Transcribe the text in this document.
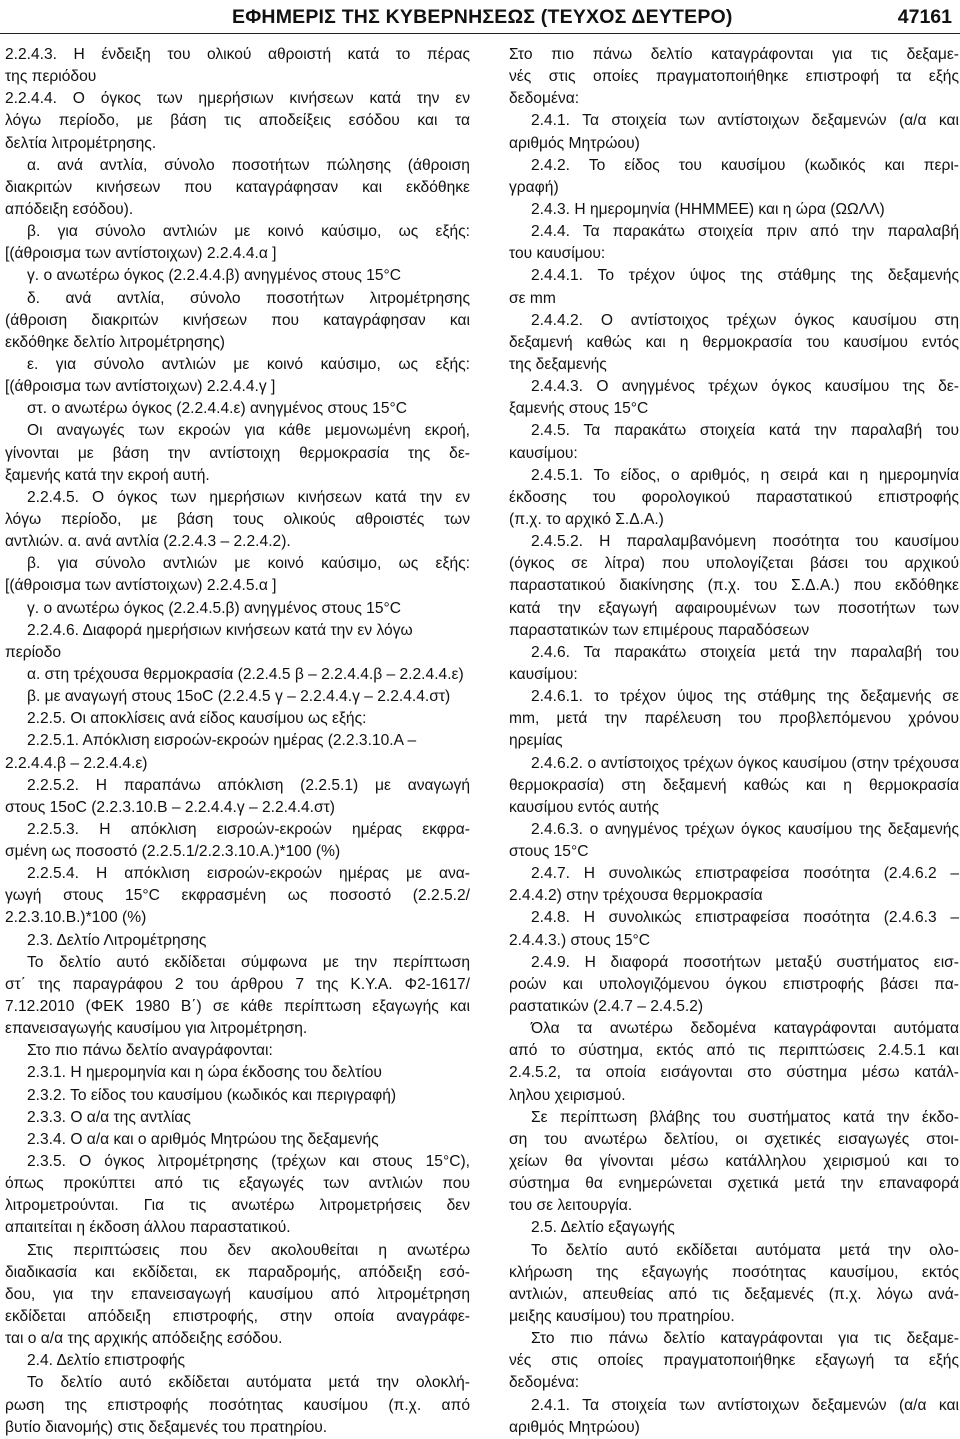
ΕΦΗΜΕΡΙΣ ΤΗΣ ΚΥΒΕΡΝΗΣΕΩΣ (ΤΕΥΧΟΣ ΔΕΥΤΕΡΟ)	47161
2.2.4.3. Η ένδειξη του ολικού αθροιστή κατά το πέρας
της περιόδου
2.2.4.4. Ο όγκος των ημερήσιων κινήσεων κατά την εν
λόγω περίοδο, με βάση τις αποδείξεις εσόδου και τα
δελτία λιτρομέτρησης.
α. ανά αντλία, σύνολο ποσοτήτων πώλησης (άθροιση
διακριτών κινήσεων που καταγράφησαν και εκδόθηκε
απόδειξη εσόδου).
β. για σύνολο αντλιών με κοινό καύσιμο, ως εξής:
[(άθροισμα των αντίστοιχων) 2.2.4.4.α ]
γ. ο ανωτέρω όγκος (2.2.4.4.β) ανηγμένος στους 15°C
δ. ανά αντλία, σύνολο ποσοτήτων λιτρομέτρησης
(άθροιση διακριτών κινήσεων που καταγράφησαν και
εκδόθηκε δελτίο λιτρομέτρησης)
ε. για σύνολο αντλιών με κοινό καύσιμο, ως εξής:
[(άθροισμα των αντίστοιχων) 2.2.4.4.γ ]
στ. ο ανωτέρω όγκος (2.2.4.4.ε) ανηγμένος στους 15°C
Οι αναγωγές των εκροών για κάθε μεμονωμένη εκροή,
γίνονται με βάση την αντίστοιχη θερμοκρασία της δε-
ξαμενής κατά την εκροή αυτή.
2.2.4.5. Ο όγκος των ημερήσιων κινήσεων κατά την εν
λόγω περίοδο, με βάση τους ολικούς αθροιστές των
αντλιών. α. ανά αντλία (2.2.4.3 – 2.2.4.2).
β. για σύνολο αντλιών με κοινό καύσιμο, ως εξής:
[(άθροισμα των αντίστοιχων) 2.2.4.5.α ]
γ. ο ανωτέρω όγκος (2.2.4.5.β) ανηγμένος στους 15°C
2.2.4.6. Διαφορά ημερήσιων κινήσεων κατά την εν λόγω
περίοδο
α. στη τρέχουσα θερμοκρασία (2.2.4.5 β – 2.2.4.4.β – 2.2.4.4.ε)
β. με αναγωγή στους 15οC (2.2.4.5 γ – 2.2.4.4.γ – 2.2.4.4.στ)
2.2.5. Οι αποκλίσεις ανά είδος καυσίμου ως εξής:
2.2.5.1. Απόκλιση εισροών-εκροών ημέρας (2.2.3.10.Α –
2.2.4.4.β – 2.2.4.4.ε)
2.2.5.2. Η παραπάνω απόκλιση (2.2.5.1) με αναγωγή
στους 15οC (2.2.3.10.Β – 2.2.4.4.γ – 2.2.4.4.στ)
2.2.5.3. Η απόκλιση εισροών-εκροών ημέρας εκφρα-
σμένη ως ποσοστό (2.2.5.1/2.2.3.10.Α.)*100 (%)
2.2.5.4. Η απόκλιση εισροών-εκροών ημέρας με ανα-
γωγή στους 15°C εκφρασμένη ως ποσοστό (2.2.5.2/
2.2.3.10.Β.)*100 (%)
2.3. Δελτίο Λιτρομέτρησης
Το δελτίο αυτό εκδίδεται σύμφωνα με την περίπτωση
στ΄ της παραγράφου 2 του άρθρου 7 της Κ.Υ.Α. Φ2-1617/
7.12.2010 (ΦΕΚ 1980 Β΄) σε κάθε περίπτωση εξαγωγής και
επανεισαγωγής καυσίμου για λιτρομέτρηση.
Στο πιο πάνω δελτίο αναγράφονται:
2.3.1. Η ημερομηνία και η ώρα έκδοσης του δελτίου
2.3.2. Το είδος του καυσίμου (κωδικός και περιγραφή)
2.3.3. Ο α/α της αντλίας
2.3.4. Ο α/α και ο αριθμός Μητρώου της δεξαμενής
2.3.5. Ο όγκος λιτρομέτρησης (τρέχων και στους 15°C),
όπως προκύπτει από τις εξαγωγές των αντλιών που
λιτρομετρούνται. Για τις ανωτέρω λιτρομετρήσεις δεν
απαιτείται η έκδοση άλλου παραστατικού.
Στις περιπτώσεις που δεν ακολουθείται η ανωτέρω
διαδικασία και εκδίδεται, εκ παραδρομής, απόδειξη εσό-
δου, για την επανεισαγωγή καυσίμου από λιτρομέτρηση
εκδίδεται απόδειξη επιστροφής, στην οποία αναγράφε-
ται ο α/α της αρχικής απόδειξης εσόδου.
2.4. Δελτίο επιστροφής
Το δελτίο αυτό εκδίδεται αυτόματα μετά την ολοκλή-
ρωση της επιστροφής ποσότητας καυσίμου (π.χ. από
βυτίο διανομής) στις δεξαμενές του πρατηρίου.
Στο πιο πάνω δελτίο καταγράφονται για τις δεξαμε-
νές στις οποίες πραγματοποιήθηκε επιστροφή τα εξής
δεδομένα:
2.4.1. Τα στοιχεία των αντίστοιχων δεξαμενών (α/α και
αριθμός Μητρώου)
2.4.2. Το είδος του καυσίμου (κωδικός και περι-
γραφή)
2.4.3. Η ημερομηνία (ΗΗΜΜΕΕ) και η ώρα (ΩΩΛΛ)
2.4.4. Τα παρακάτω στοιχεία πριν από την παραλαβή
του καυσίμου:
2.4.4.1. Το τρέχον ύψος της στάθμης της δεξαμενής
σε mm
2.4.4.2. Ο αντίστοιχος τρέχων όγκος καυσίμου στη
δεξαμενή καθώς και η θερμοκρασία του καυσίμου εντός
της δεξαμενής
2.4.4.3. Ο ανηγμένος τρέχων όγκος καυσίμου της δε-
ξαμενής στους 15°C
2.4.5. Τα παρακάτω στοιχεία κατά την παραλαβή του
καυσίμου:
2.4.5.1. Το είδος, ο αριθμός, η σειρά και η ημερομηνία
έκδοσης του φορολογικού παραστατικού επιστροφής
(π.χ. το αρχικό Σ.Δ.Α.)
2.4.5.2. Η παραλαμβανόμενη ποσότητα του καυσίμου
(όγκος σε λίτρα) που υπολογίζεται βάσει του αρχικού
παραστατικού διακίνησης (π.χ. του Σ.Δ.Α.) που εκδόθηκε
κατά την εξαγωγή αφαιρουμένων των ποσοτήτων των
παραστατικών των επιμέρους παραδόσεων
2.4.6. Τα παρακάτω στοιχεία μετά την παραλαβή του
καυσίμου:
2.4.6.1. το τρέχον ύψος της στάθμης της δεξαμενής σε
mm, μετά την παρέλευση του προβλεπόμενου χρόνου
ηρεμίας
2.4.6.2. ο αντίστοιχος τρέχων όγκος καυσίμου (στην τρέχουσα
θερμοκρασία) στη δεξαμενή καθώς και η θερμοκρασία
καυσίμου εντός αυτής
2.4.6.3. ο ανηγμένος τρέχων όγκος καυσίμου της δεξαμενής
στους 15°C
2.4.7. Η συνολικώς επιστραφείσα ποσότητα (2.4.6.2 –
2.4.4.2) στην τρέχουσα θερμοκρασία
2.4.8. Η συνολικώς επιστραφείσα ποσότητα (2.4.6.3 –
2.4.4.3.) στους 15°C
2.4.9. Η διαφορά ποσοτήτων μεταξύ συστήματος εισ-
ροών και υπολογιζόμενου όγκου επιστροφής βάσει πα-
ραστατικών (2.4.7 – 2.4.5.2)
Όλα τα ανωτέρω δεδομένα καταγράφονται αυτόματα
από το σύστημα, εκτός από τις περιπτώσεις 2.4.5.1 και
2.4.5.2, τα οποία εισάγονται στο σύστημα μέσω κατάλ-
ληλου χειρισμού.
Σε περίπτωση βλάβης του συστήματος κατά την έκδο-
ση του ανωτέρω δελτίου, οι σχετικές εισαγωγές στοι-
χείων θα γίνονται μέσω κατάλληλου χειρισμού και το
σύστημα θα ενημερώνεται σχετικά μετά την επαναφορά
του σε λειτουργία.
2.5. Δελτίο εξαγωγής
Το δελτίο αυτό εκδίδεται αυτόματα μετά την ολο-
κλήρωση της εξαγωγής ποσότητας καυσίμου, εκτός
αντλιών, απευθείας από τις δεξαμενές (π.χ. λόγω ανά-
μειξης καυσίμου) του πρατηρίου.
Στο πιο πάνω δελτίο καταγράφονται για τις δεξαμε-
νές στις οποίες πραγματοποιήθηκε εξαγωγή τα εξής
δεδομένα:
2.4.1. Τα στοιχεία των αντίστοιχων δεξαμενών (α/α και
αριθμός Μητρώου)
